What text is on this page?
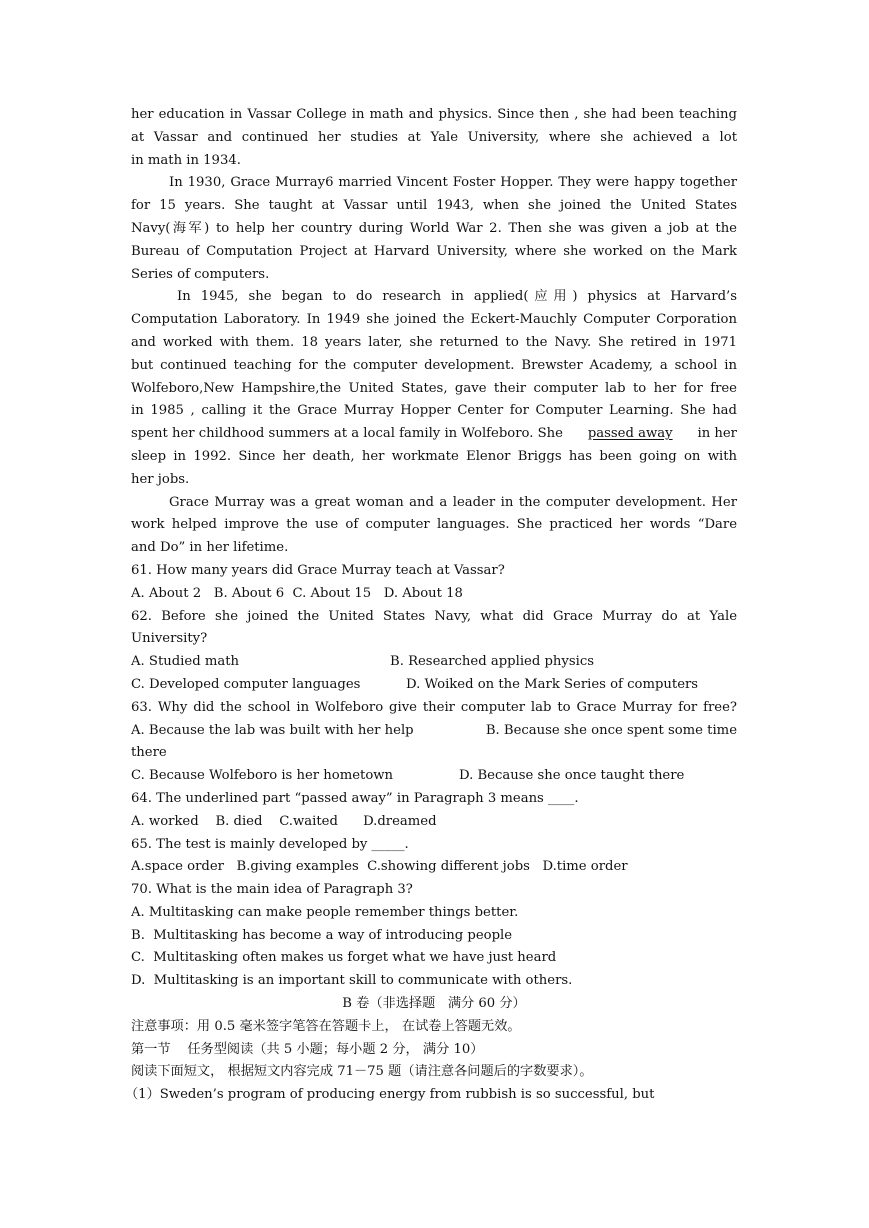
her education in Vassar College in math and physics. Since then , she had been teaching
at Vassar and continued her studies at Yale University, where she achieved a lot
in math in 1934.
In 1930, Grace Murray6 married Vincent Foster Hopper. They were happy together
for 15 years. She taught at Vassar until 1943, when she joined the United States
Navy(海军) to help her country during World War 2. Then she was given a job at the
Bureau of Computation Project at Harvard University, where she worked on the Mark
Series of computers.
In 1945, she began to do research in applied(应用) physics at Harvard’s
Computation Laboratory. In 1949 she joined the Eckert-Mauchly Computer Corporation
and worked with them. 18 years later, she returned to the Navy. She retired in 1971
but continued teaching for the computer development. Brewster Academy, a school in
Wolfeboro,New Hampshire,the United States, gave their computer lab to her for free
in 1985 , calling it the Grace Murray Hopper Center for Computer Learning. She had
spent her childhood summers at a local family in Wolfeboro. She passed away in her
sleep in 1992. Since her death, her workmate Elenor Briggs has been going on with
her jobs.
Grace Murray was a great woman and a leader in the computer development. Her
work helped improve the use of computer languages. She practiced her words “Dare
and Do” in her lifetime.
61. How many years did Grace Murray teach at Vassar?
A. About 2   B. About 6  C. About 15   D. About 18
62. Before she joined the United States Navy, what did Grace Murray do at Yale
University?
A. Studied math	B. Researched applied physics
C. Developed computer languages	D. Woiked on the Mark Series of computers
63. Why did the school in Wolfeboro give their computer lab to Grace Murray for free?
A. Because the lab was built with her help	B. Because she once spent some time
there
C. Because Wolfeboro is her hometown	D. Because she once taught there
64. The underlined part “passed away” in Paragraph 3 means ____.
A. worked    B. died    C.waited      D.dreamed
65. The test is mainly developed by _____.
A.space order   B.giving examples  C.showing different jobs   D.time order
70. What is the main idea of Paragraph 3?
A. Multitasking can make people remember things better.
B.  Multitasking has become a way of introducing people
C.  Multitasking often makes us forget what we have just heard
D.  Multitasking is an important skill to communicate with others.
B 卷（非选择题   满分 60 分）
注意事项：用 0.5 毫米签字笔答在答题卡上， 在试卷上答题无效。
第一节    任务型阅读（共 5 小题；每小题 2 分， 满分 10）
阅读下面短文， 根据短文内容完成 71－75 题（请注意各问题后的字数要求）。
（1）Sweden’s program of producing energy from rubbish is so successful, but
